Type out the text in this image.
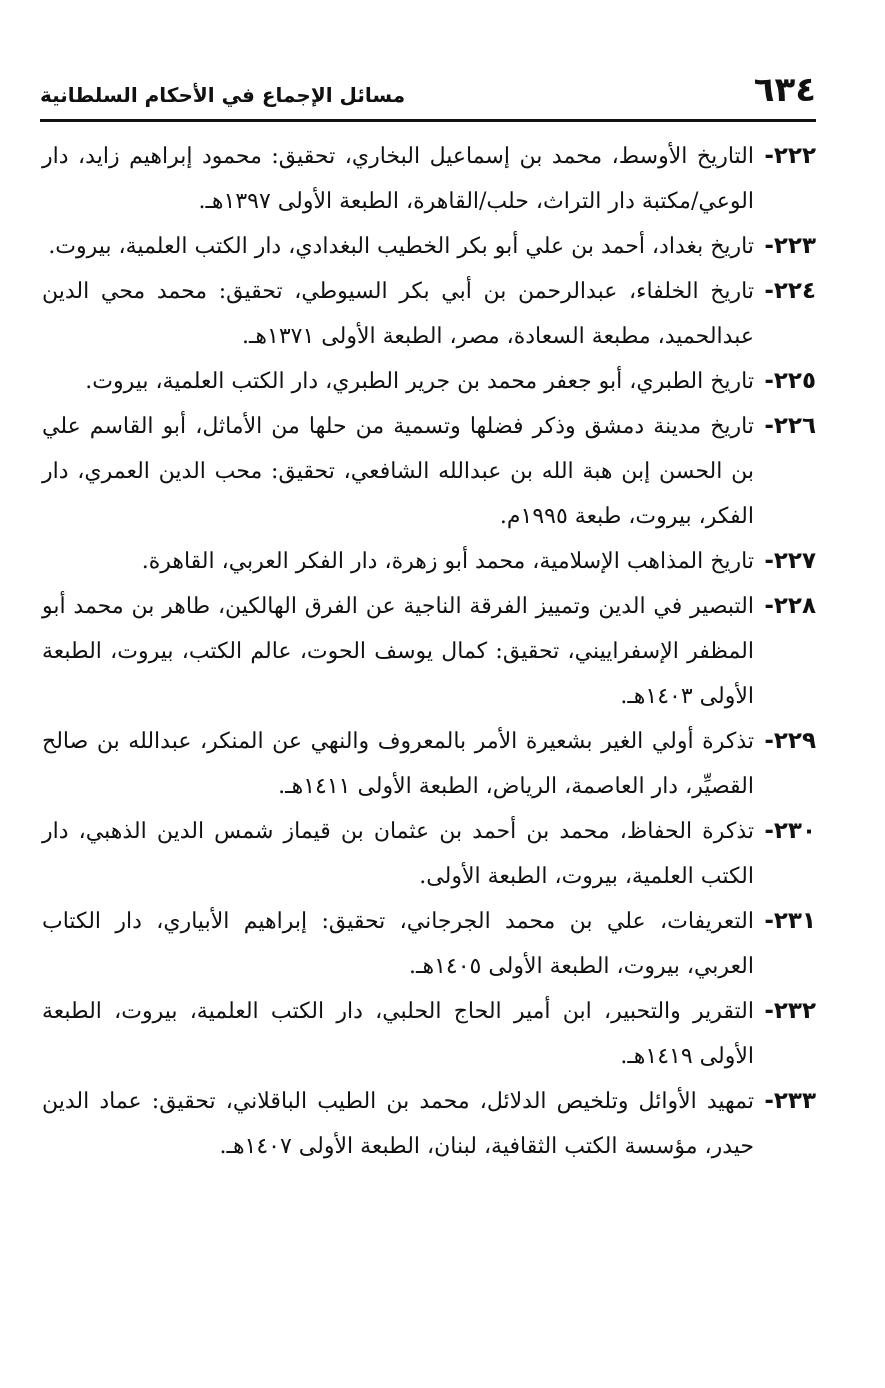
٦٣٤
مسائل الإجماع في الأحكام السلطانية
٢٢٢-
التاريخ الأوسط، محمد بن إسماعيل البخاري، تحقيق: محمود إبراهيم زايد، دار الوعي/مكتبة دار التراث، حلب/القاهرة، الطبعة الأولى ١٣٩٧هـ.
٢٢٣-
تاريخ بغداد، أحمد بن علي أبو بكر الخطيب البغدادي، دار الكتب العلمية، بيروت.
٢٢٤-
تاريخ الخلفاء، عبدالرحمن بن أبي بكر السيوطي، تحقيق: محمد محي الدين عبدالحميد، مطبعة السعادة، مصر، الطبعة الأولى ١٣٧١هـ.
٢٢٥-
تاريخ الطبري، أبو جعفر محمد بن جرير الطبري، دار الكتب العلمية، بيروت.
٢٢٦-
تاريخ مدينة دمشق وذكر فضلها وتسمية من حلها من الأماثل، أبو القاسم علي بن الحسن إبن هبة الله بن عبدالله الشافعي، تحقيق: محب الدين العمري، دار الفكر، بيروت، طبعة ١٩٩٥م.
٢٢٧-
تاريخ المذاهب الإسلامية، محمد أبو زهرة، دار الفكر العربي، القاهرة.
٢٢٨-
التبصير في الدين وتمييز الفرقة الناجية عن الفرق الهالكين، طاهر بن محمد أبو المظفر الإسفراييني، تحقيق: كمال يوسف الحوت، عالم الكتب، بيروت، الطبعة الأولى ١٤٠٣هـ.
٢٢٩-
تذكرة أولي الغير بشعيرة الأمر بالمعروف والنهي عن المنكر، عبدالله بن صالح القصيِّر، دار العاصمة، الرياض، الطبعة الأولى ١٤١١هـ.
٢٣٠-
تذكرة الحفاظ، محمد بن أحمد بن عثمان بن قيماز شمس الدين الذهبي، دار الكتب العلمية، بيروت، الطبعة الأولى.
٢٣١-
التعريفات، علي بن محمد الجرجاني، تحقيق: إبراهيم الأبياري، دار الكتاب العربي، بيروت، الطبعة الأولى ١٤٠٥هـ.
٢٣٢-
التقرير والتحبير، ابن أمير الحاج الحلبي، دار الكتب العلمية، بيروت، الطبعة الأولى ١٤١٩هـ.
٢٣٣-
تمهيد الأوائل وتلخيص الدلائل، محمد بن الطيب الباقلاني، تحقيق: عماد الدين حيدر، مؤسسة الكتب الثقافية، لبنان، الطبعة الأولى ١٤٠٧هـ.
